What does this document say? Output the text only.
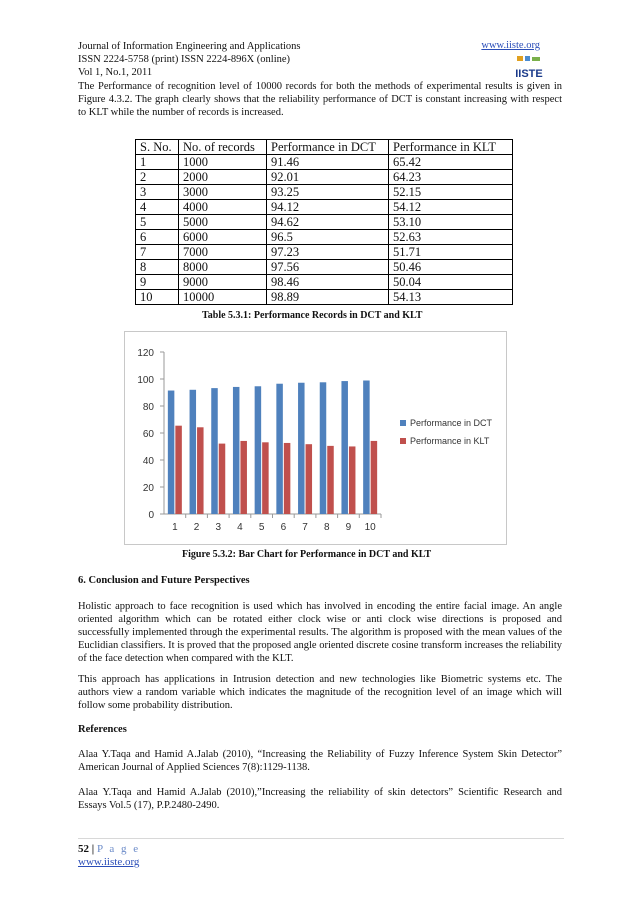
Journal of Information Engineering and Applications	www.iiste.org
ISSN 2224-5758 (print) ISSN 2224-896X (online)
Vol 1, No.1, 2011	IISTE
The Performance of recognition level of 10000 records for both the methods of experimental results is given in Figure 4.3.2. The graph clearly shows that the reliability performance of DCT is constant increasing with respect to KLT while the number of records is increased.
S. No.	No. of records	Performance in DCT	Performance in KLT
1	1000	91.46	65.42
2	2000	92.01	64.23
3	3000	93.25	52.15
4	4000	94.12	54.12
5	5000	94.62	53.10
6	6000	96.5	52.63
7	7000	97.23	51.71
8	8000	97.56	50.46
9	9000	98.46	50.04
10	10000	98.89	54.13
Table 5.3.1: Performance Records in DCT and KLT
0
20
40
60
80
100
120
1 2 3 4 5 6 7 8 9 10
Performance in DCT
Performance in KLT
Figure 5.3.2: Bar Chart for Performance in DCT and KLT
6. Conclusion and Future Perspectives
Holistic approach to face recognition is used which has involved in encoding the entire facial image. An angle oriented algorithm which can be rotated either clock wise or anti clock wise directions is proposed and successfully implemented through the experimental results. The algorithm is proposed with the mean values of the Euclidian classifiers. It is proved that the proposed angle oriented discrete cosine transform increases the reliability of the face detection when compared with the KLT.
This approach has applications in Intrusion detection and new technologies like Biometric systems etc. The authors view a random variable which indicates the magnitude of the recognition level of an image which will follow some probability distribution.
References
Alaa Y.Taqa and Hamid A.Jalab (2010), “Increasing the Reliability of Fuzzy Inference System Skin Detector” American Journal of Applied Sciences 7(8):1129-1138.
Alaa Y.Taqa and Hamid A.Jalab (2010),”Increasing the reliability of skin detectors” Scientific Research and Essays Vol.5 (17), P.P.2480-2490.
52 | P a g e
www.iiste.org
